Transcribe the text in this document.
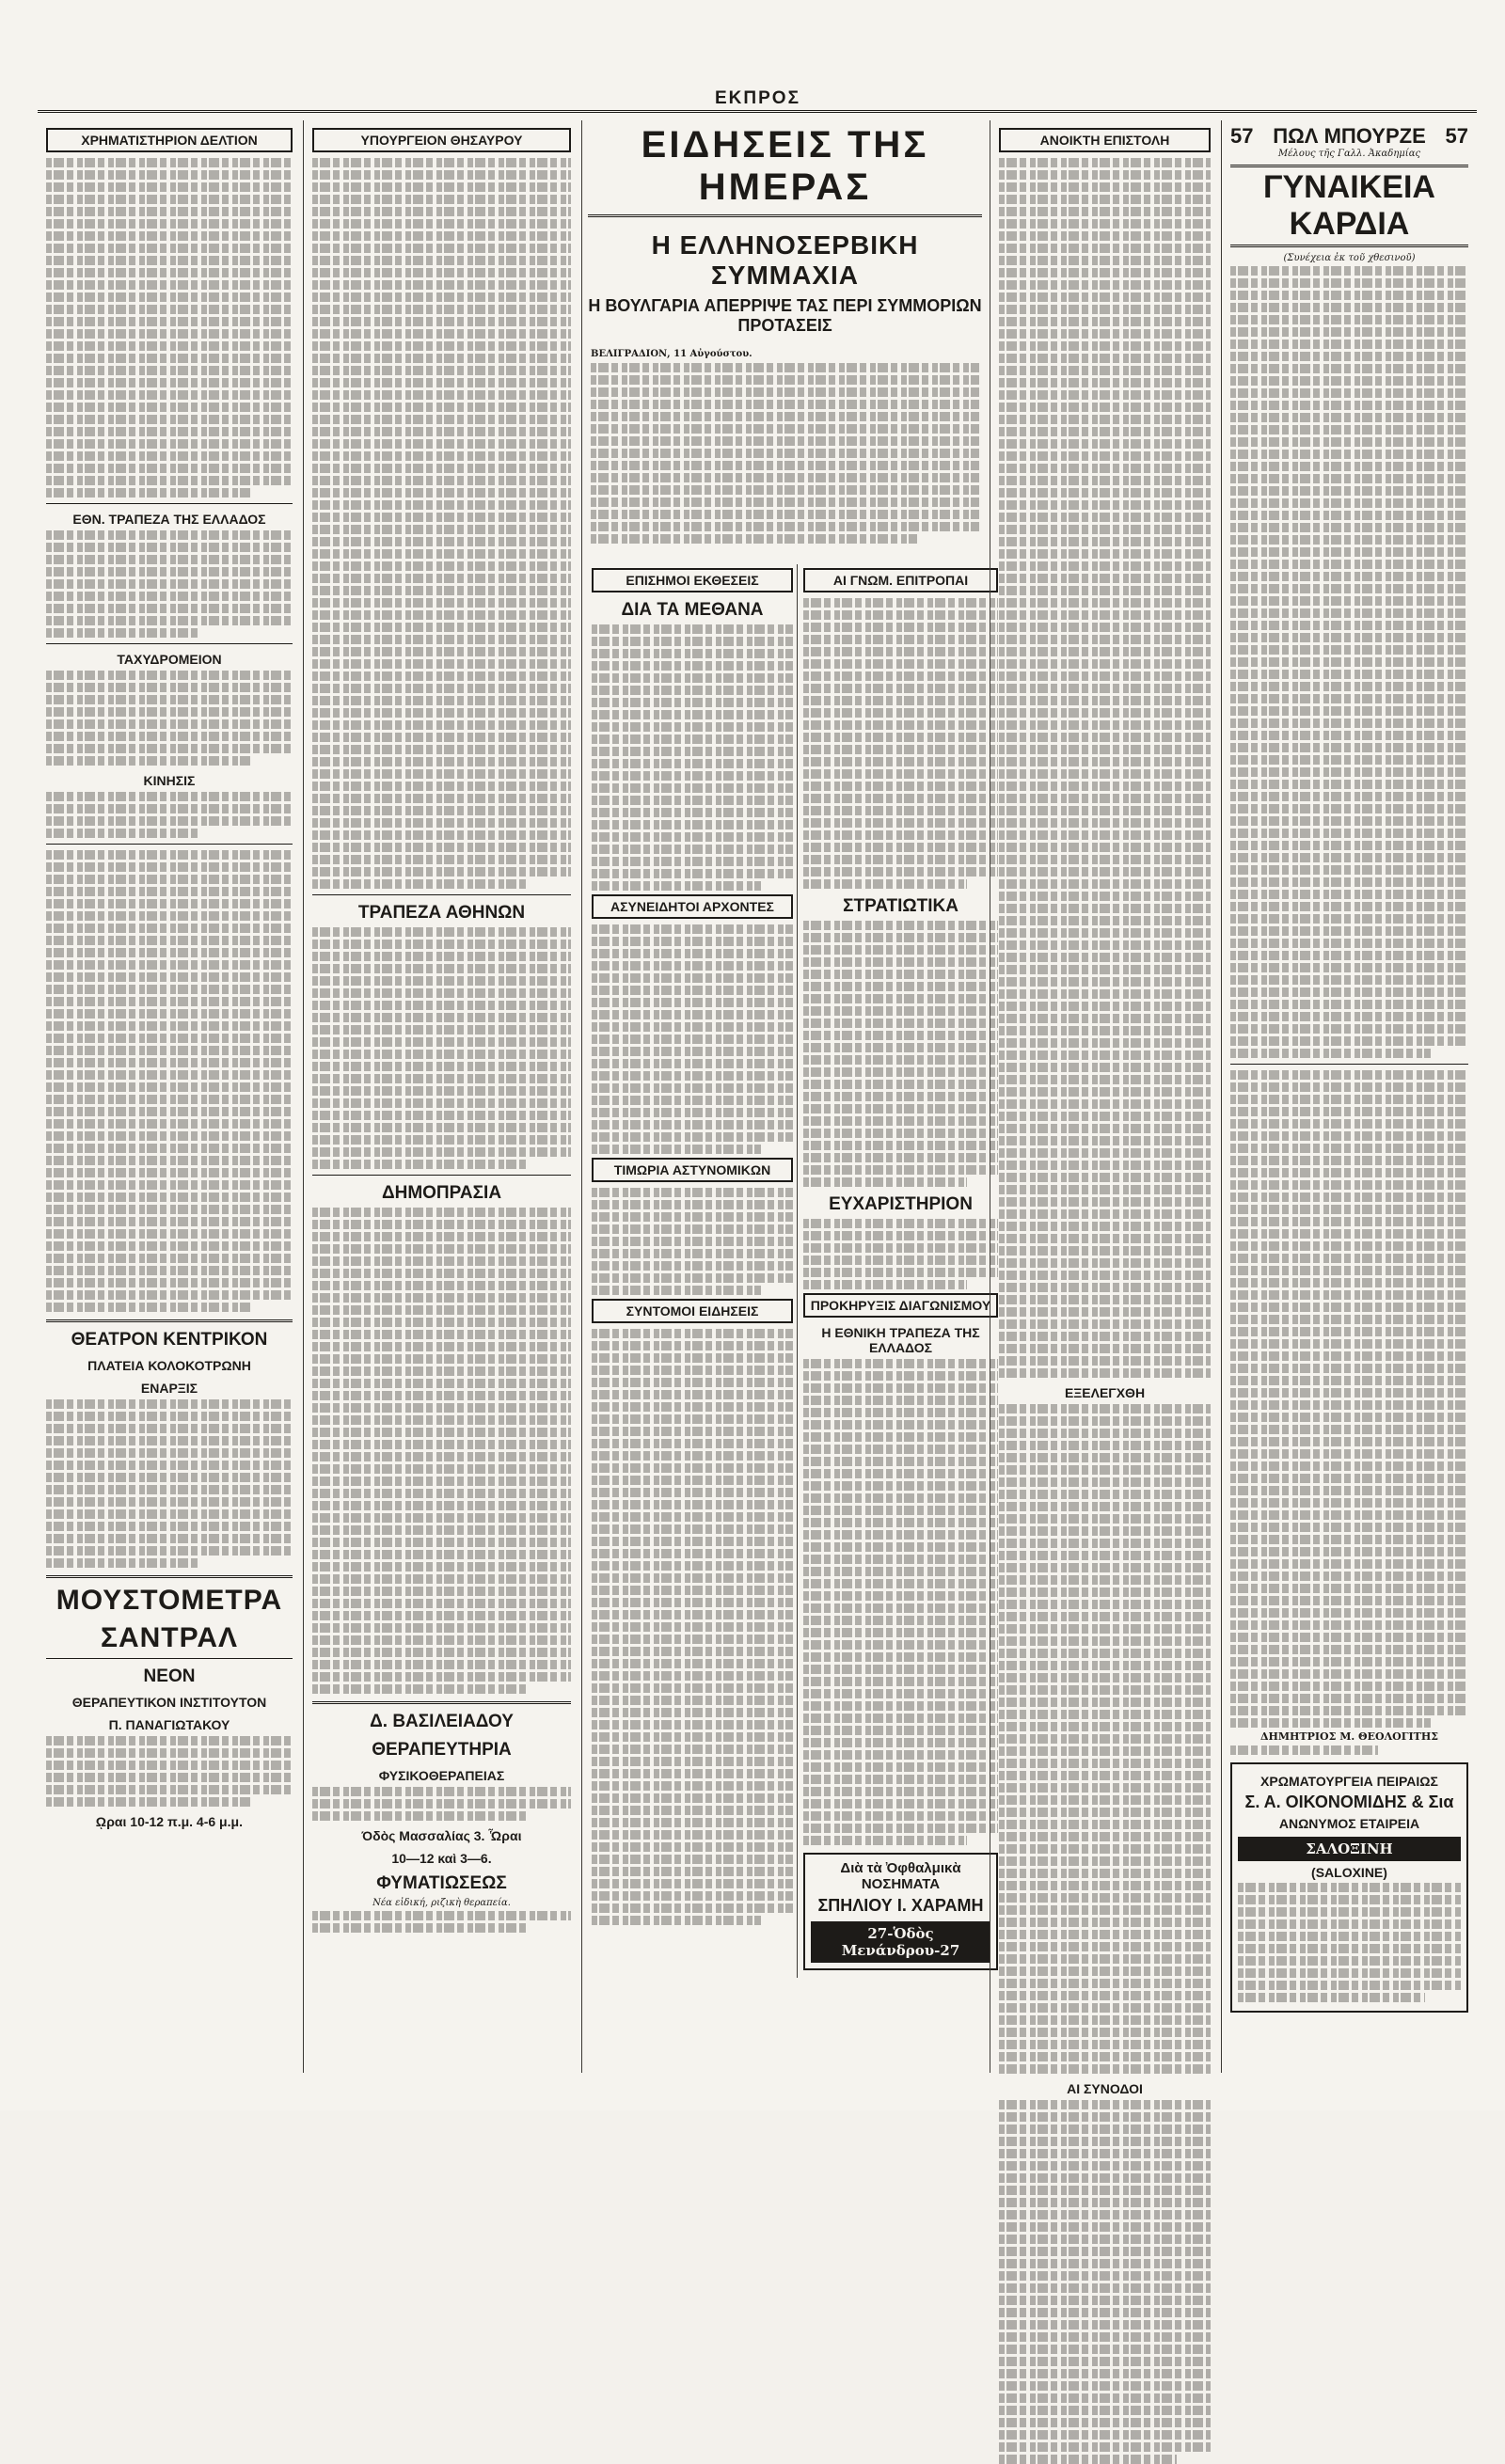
ΕΚΠΡΟΣ
ΧΡΗΜΑΤΙΣΤΗΡΙΟΝ ΔΕΛΤΙΟΝ
ΕΘΝ. ΤΡΑΠΕΖΑ ΤΗΣ ΕΛΛΑΔΟΣ
ΤΑΧΥΔΡΟΜΕΙΟΝ
ΚΙΝΗΣΙΣ
ΘΕΑΤΡΟΝ ΚΕΝΤΡΙΚΟΝ
ΠΛΑΤΕΙΑ ΚΟΛΟΚΟΤΡΩΝΗ
ΕΝΑΡΞΙΣ
ΜΟΥΣΤΟΜΕΤΡΑ
ΣΑΝΤΡΑΛ
ΝΕΟΝ
ΘΕΡΑΠΕΥΤΙΚΟΝ ΙΝΣΤΙΤΟΥΤΟΝ
Π. ΠΑΝΑΓΙΩΤΑΚΟΥ
ῼραι 10-12 π.μ. 4-6 μ.μ.
ΥΠΟΥΡΓΕΙΟΝ ΘΗΣΑΥΡΟΥ
ΤΡΑΠΕΖΑ ΑΘΗΝΩΝ
ΔΗΜΟΠΡΑΣΙΑ
Δ. ΒΑΣΙΛΕΙΑΔΟΥ
ΘΕΡΑΠΕΥΤΗΡΙΑ
ΦΥΣΙΚΟΘΕΡΑΠΕΙΑΣ
Όδὸς Μασσαλίας 3. Ὧραι
10—12 καὶ 3—6.
ΦΥΜΑΤΙΩΣΕΩΣ
Νέα εἰδική, ριζικὴ θεραπεία.
ΕΙΔΗΣΕΙΣ ΤΗΣ ΗΜΕΡΑΣ
Η ΕΛΛΗΝΟΣΕΡΒΙΚΗ ΣΥΜΜΑΧΙΑ
Η ΒΟΥΛΓΑΡΙΑ ΑΠΕΡΡΙΨΕ ΤΑΣ ΠΕΡΙ ΣΥΜΜΟΡΙΩΝ ΠΡΟΤΑΣΕΙΣ
ΒΕΛΙΓΡΑΔΙΟΝ, 11 Αὐγούστου.
ΕΠΙΣΗΜΟΙ ΕΚΘΕΣΕΙΣ
ΔΙΑ ΤΑ ΜΕΘΑΝΑ
ΑΣΥΝΕΙΔΗΤΟΙ ΑΡΧΟΝΤΕΣ
ΤΙΜΩΡΙΑ ΑΣΤΥΝΟΜΙΚΩΝ
ΣΥΝΤΟΜΟΙ ΕΙΔΗΣΕΙΣ
ΑΙ ΓΝΩΜ. ΕΠΙΤΡΟΠΑΙ
ΣΤΡΑΤΙΩΤΙΚΑ
ΕΥΧΑΡΙΣΤΗΡΙΟΝ
ΠΡΟΚΗΡΥΞΙΣ ΔΙΑΓΩΝΙΣΜΟΥ
Η ΕΘΝΙΚΗ ΤΡΑΠΕΖΑ ΤΗΣ ΕΛΛΑΔΟΣ
Διὰ τὰ Ὀφθαλμικὰ ΝΟΣΗΜΑΤΑ
ΣΠΗΛΙΟΥ Ι. ΧΑΡΑΜΗ
27-Ὁδὸς Μενάνδρου-27
ΑΝΟΙΚΤΗ ΕΠΙΣΤΟΛΗ
ΕΞΕΛΕΓΧΘΗ
ΑΙ ΣΥΝΟΔΟΙ
57 ΠΩΛ ΜΠΟΥΡΖΕ 57
Μέλους τῆς Γαλλ. Ἀκαδημίας
ΓΥΝΑΙΚΕΙΑ ΚΑΡΔΙΑ
(Συνέχεια ἐκ τοῦ χθεσινοῦ)
ΔΗΜΗΤΡΙΟΣ Μ. ΘΕΟΛΟΓΙΤΗΣ
ΧΡΩΜΑΤΟΥΡΓΕΙΑ ΠΕΙΡΑΙΩΣ
Σ. Α. ΟΙΚΟΝΟΜΙΔΗΣ & Σια
ΑΝΩΝΥΜΟΣ ΕΤΑΙΡΕΙΑ
ΣΑΛΟΞΙΝΗ
(SALOXINE)
